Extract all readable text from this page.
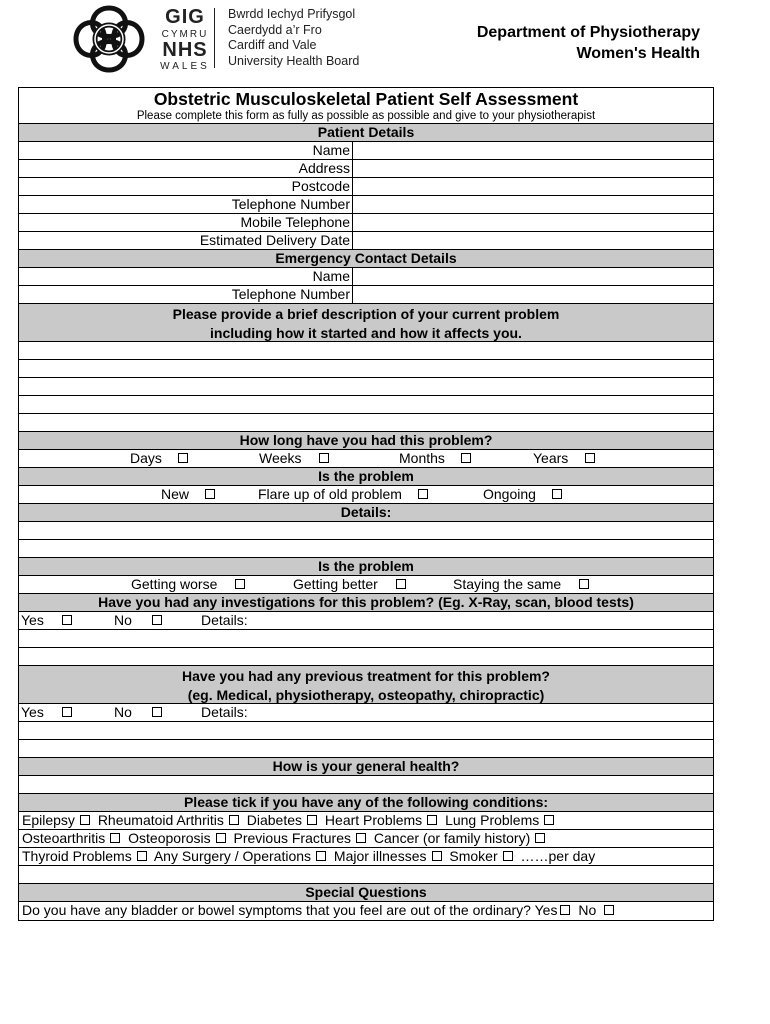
GIG
CYMRU
NHS
WALES
Bwrdd Iechyd Prifysgol
Caerdydd a’r Fro
Cardiff and Vale
University Health Board
Department of Physiotherapy
Women's Health
Obstetric Musculoskeletal Patient Self Assessment
Please complete this form as fully as possible as possible and give to your physiotherapist
Patient Details
Name
Address
Postcode
Telephone Number
Mobile Telephone
Estimated Delivery Date
Emergency Contact Details
Name
Telephone Number
Please provide a brief description of your current problem
including how it started and how it affects you.
How long have you had this problem?
Days	Weeks	Months	Years
Is the problem
New	Flare up of old problem	Ongoing
Details:
Is the problem
Getting worse	Getting better	Staying the same
Have you had any investigations for this problem? (Eg. X-Ray, scan, blood tests)
Yes	No	Details:
Have you had any previous treatment for this problem?
(eg. Medical, physiotherapy, osteopathy, chiropractic)
Yes	No	Details:
How is your general health?
Please tick if you have any of the following conditions:
Epilepsy Rheumatoid Arthritis Diabetes Heart Problems Lung Problems
Osteoarthritis Osteoporosis Previous Fractures Cancer (or family history)
Thyroid Problems Any Surgery / Operations Major illnesses Smoker ……per day
Special Questions
Do you have any bladder or bowel symptoms that you feel are out of the ordinary? Yes No
